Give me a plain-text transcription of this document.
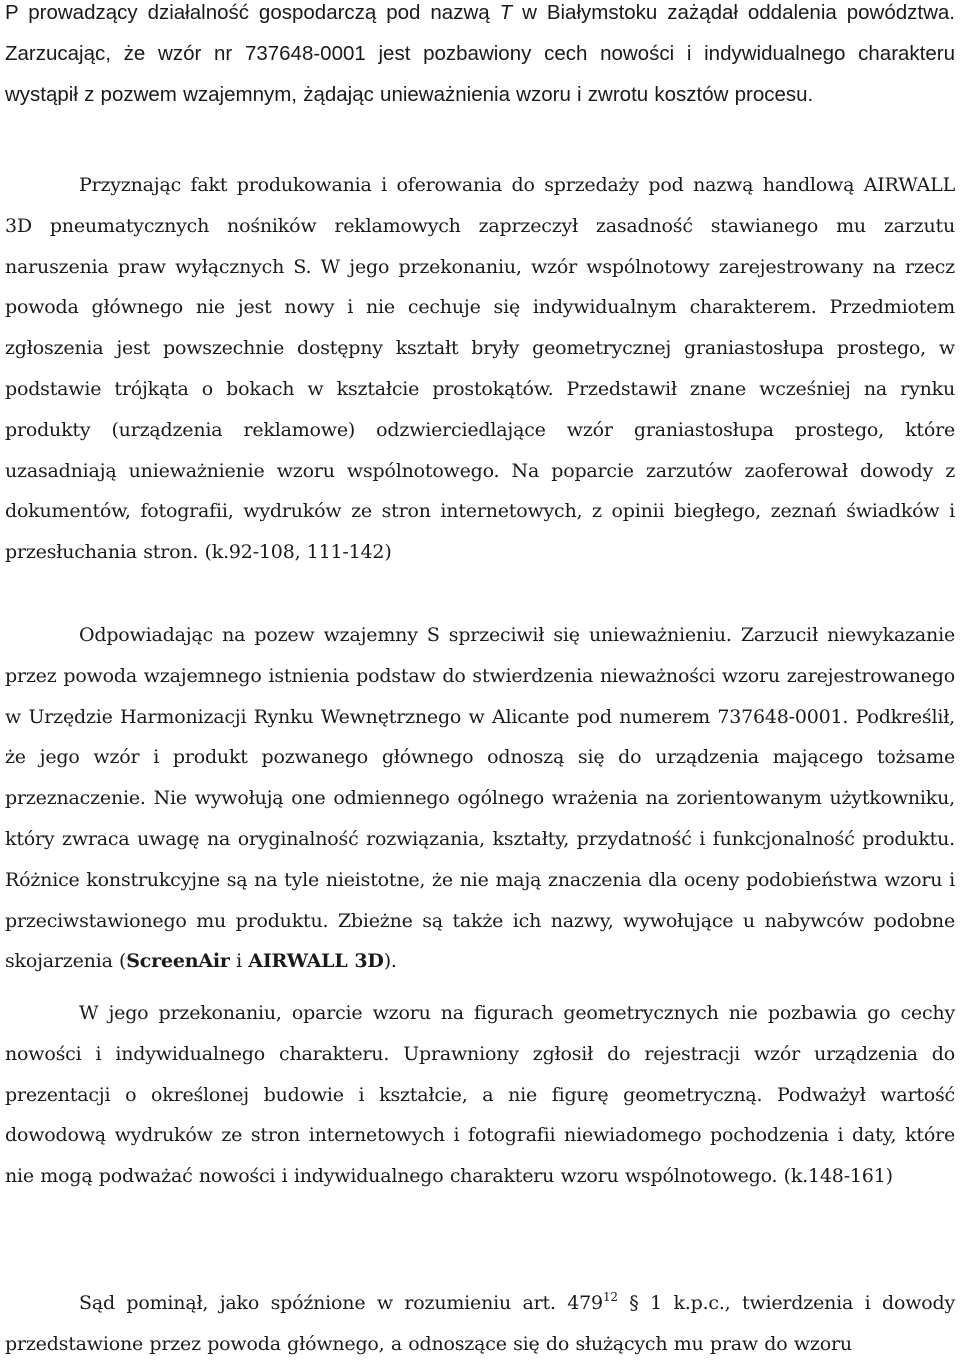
P prowadzący działalność gospodarczą pod nazwą T w Białymstoku zażądał oddalenia powództwa. Zarzucając, że wzór nr 737648-0001 jest pozbawiony cech nowości i indywidualnego charakteru wystąpił z pozwem wzajemnym, żądając unieważnienia wzoru i zwrotu kosztów procesu.

Przyznając fakt produkowania i oferowania do sprzedaży pod nazwą handlową AIRWALL 3D pneumatycznych nośników reklamowych zaprzeczył zasadność stawianego mu zarzutu naruszenia praw wyłącznych S. W jego przekonaniu, wzór wspólnotowy zarejestrowany na rzecz powoda głównego nie jest nowy i nie cechuje się indywidualnym charakterem. Przedmiotem zgłoszenia jest powszechnie dostępny kształt bryły geometrycznej graniastosłupa prostego, w podstawie trójkąta o bokach w kształcie prostokątów. Przedstawił znane wcześniej na rynku produkty (urządzenia reklamowe) odzwierciedlające wzór graniastosłupa prostego, które uzasadniają unieważnienie wzoru wspólnotowego. Na poparcie zarzutów zaoferował dowody z dokumentów, fotografii, wydruków ze stron internetowych, z opinii biegłego, zeznań świadków i przesłuchania stron. (k.92-108, 111-142)

Odpowiadając na pozew wzajemny S sprzeciwił się unieważnieniu. Zarzucił niewykazanie przez powoda wzajemnego istnienia podstaw do stwierdzenia nieważności wzoru zarejestrowanego w Urzędzie Harmonizacji Rynku Wewnętrznego w Alicante pod numerem 737648-0001. Podkreślił, że jego wzór i produkt pozwanego głównego odnoszą się do urządzenia mającego tożsame przeznaczenie. Nie wywołują one odmiennego ogólnego wrażenia na zorientowanym użytkowniku, który zwraca uwagę na oryginalność rozwiązania, kształty, przydatność i funkcjonalność produktu. Różnice konstrukcyjne są na tyle nieistotne, że nie mają znaczenia dla oceny podobieństwa wzoru i przeciwstawionego mu produktu. Zbieżne są także ich nazwy, wywołujące u nabywców podobne skojarzenia (ScreenAir i AIRWALL 3D).

W jego przekonaniu, oparcie wzoru na figurach geometrycznych nie pozbawia go cechy nowości i indywidualnego charakteru. Uprawniony zgłosił do rejestracji wzór urządzenia do prezentacji o określonej budowie i kształcie, a nie figurę geometryczną. Podważył wartość dowodową wydruków ze stron internetowych i fotografii niewiadomego pochodzenia i daty, które nie mogą podważać nowości i indywidualnego charakteru wzoru wspólnotowego. (k.148-161)

Sąd pominął, jako spóźnione w rozumieniu art. $479^{12}$ § 1 k.p.c., twierdzenia i dowody przedstawione przez powoda głównego, a odnoszące się do służących mu praw do wzoru
